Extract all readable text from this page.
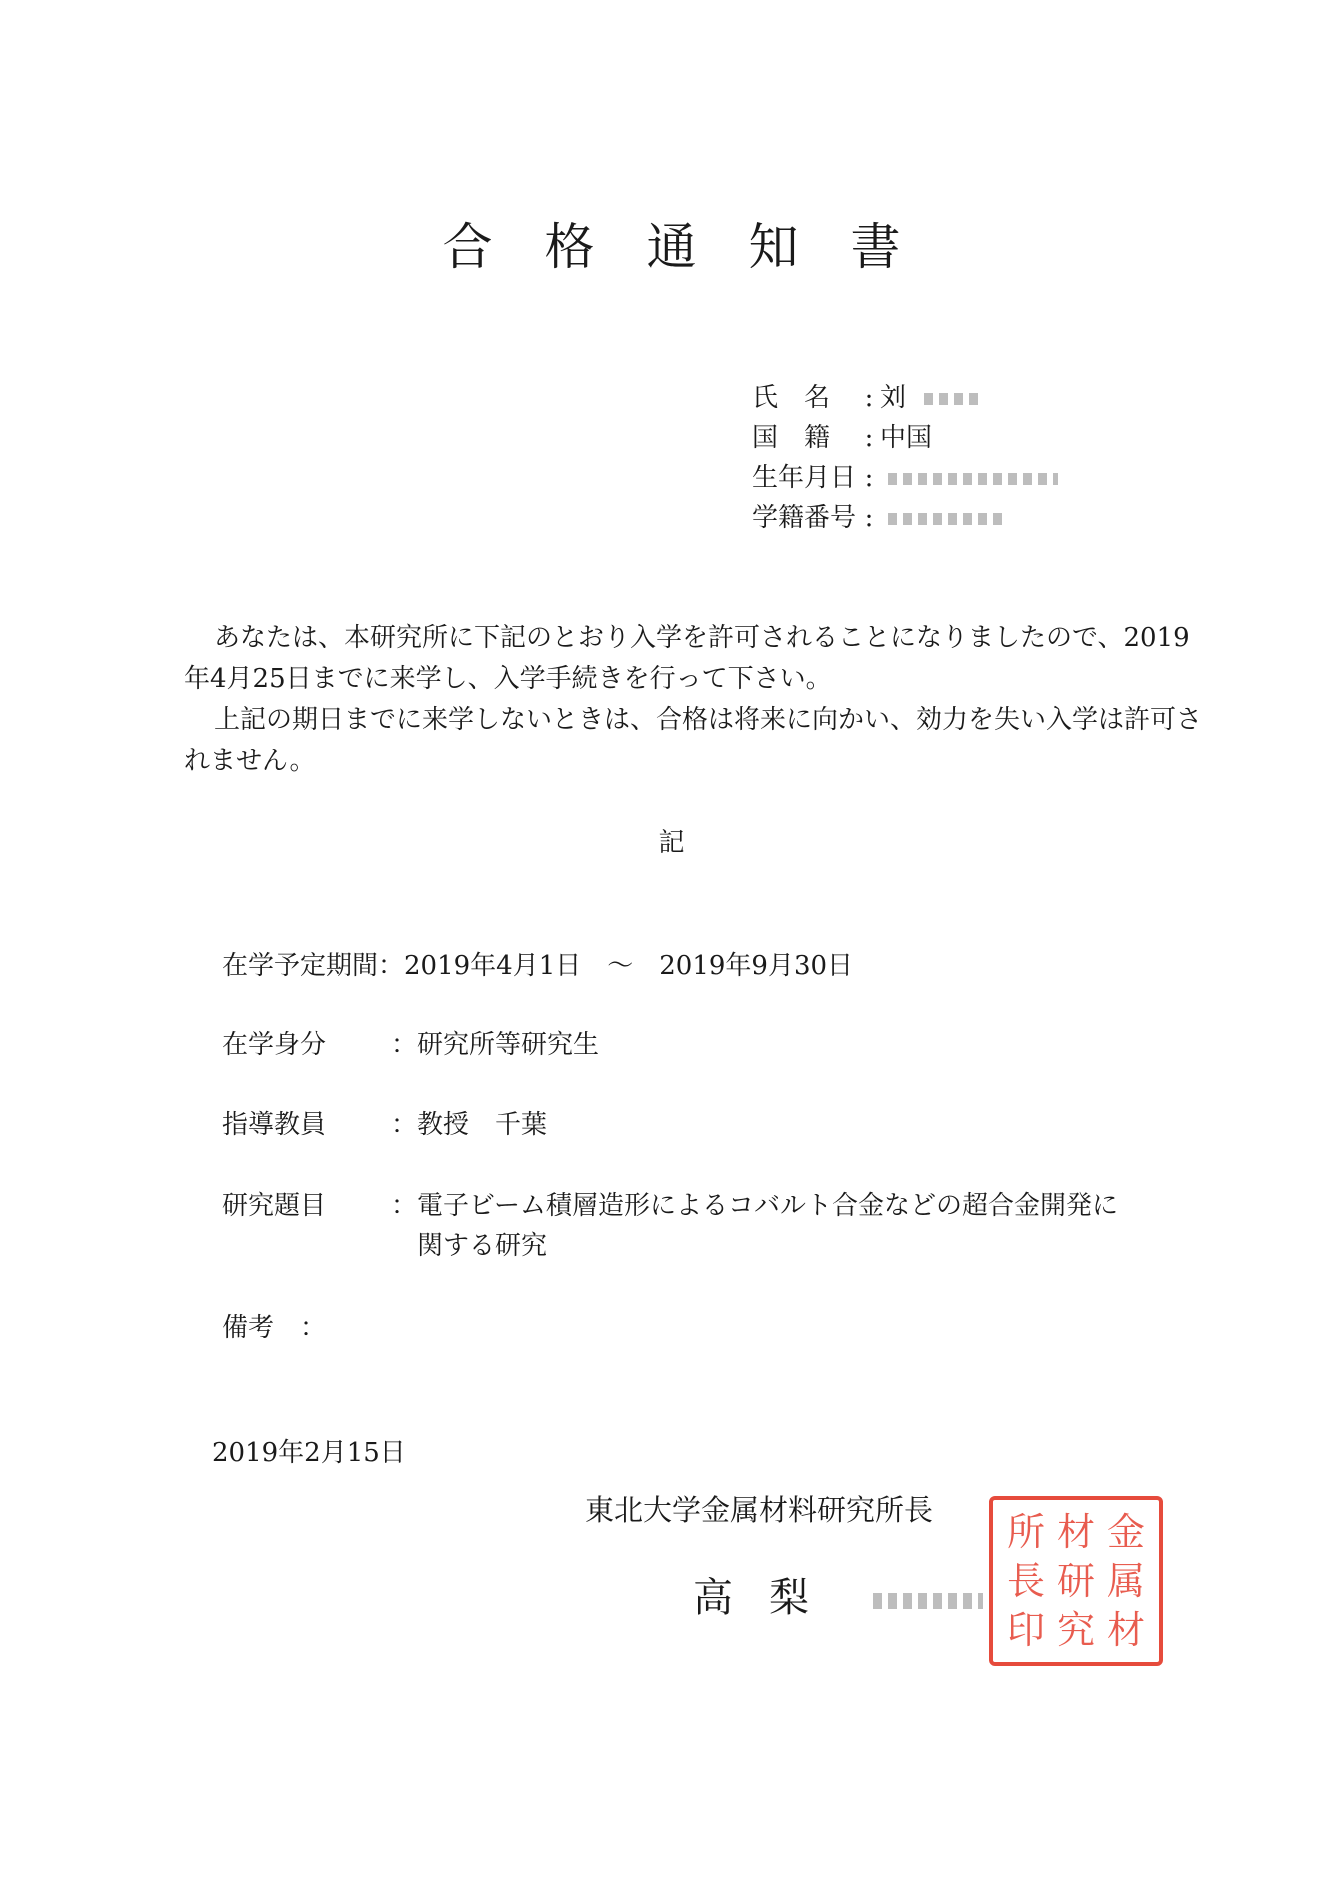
合 格 通 知 書
氏　名 : 刘
国　籍 : 中国
生年月日 :
学籍番号 :

あなたは、本研究所に下記のとおり入学を許可されることになりましたので、2019年4月25日までに来学し、入学手続きを行って下さい。

上記の期日までに来学しないときは、合格は将来に向かい、効力を失い入学は許可されません。

記
在学予定期間 ：2019年4月1日　〜　2019年9月30日
在学身分 ：研究所等研究生
指導教員 ：教授　千葉
研究題目 ：電子ビーム積層造形によるコバルト合金などの超合金開発に
関する研究
備考　：
2019年2月15日
東北大学金属材料研究所長
高梨
所 材 金
長 研 属
印 究 材
